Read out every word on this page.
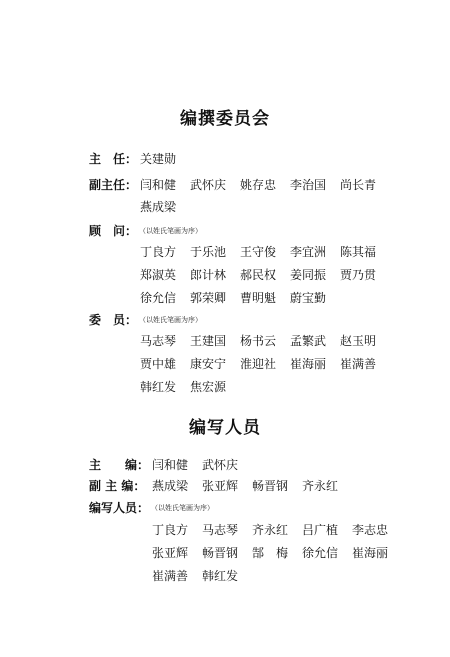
编撰委员会
主　任： 关建勋
副主任： 闫和健 武怀庆 姚存忠 李治国 尚长青
燕成梁
顾　问： （以姓氏笔画为序）
丁良方 于乐池 王守俊 李宜洲 陈其福
郑淑英 郎计林 郝民权 姜同振 贾乃贯
徐允信 郭荣卿 曹明魁 蔚宝勤
委　员： （以姓氏笔画为序）
马志琴 王建国 杨书云 孟繁武 赵玉明
贾中雄 康安宁 淮迎社 崔海丽 崔满善
韩红发 焦宏源
编写人员
主　　编： 闫和健 武怀庆
副 主 编： 燕成梁 张亚辉 畅晋钢 齐永红
编写人员： （以姓氏笔画为序）
丁良方 马志琴 齐永红 吕广植 李志忠
张亚辉 畅晋钢 郜　梅 徐允信 崔海丽
崔满善 韩红发
